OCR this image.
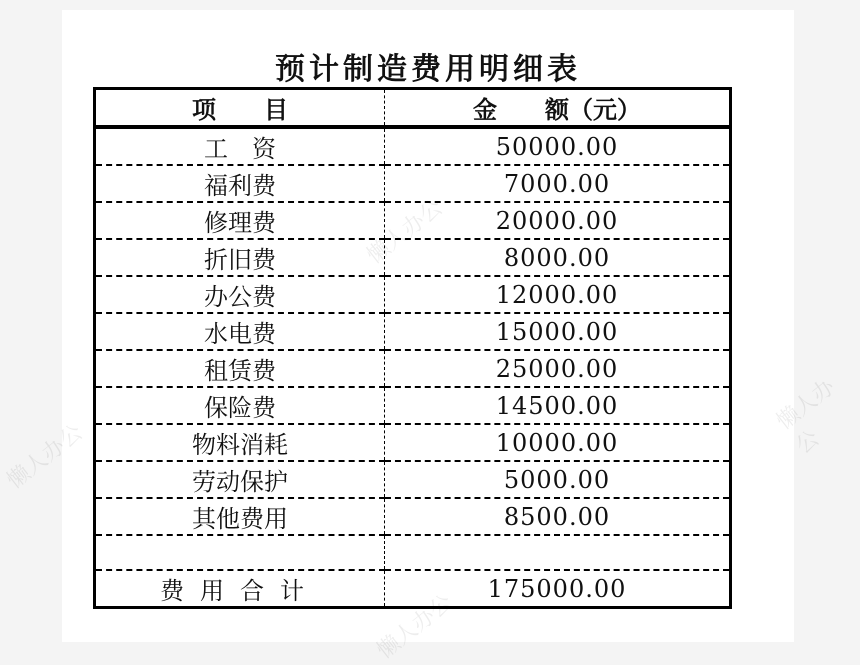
预计制造费用明细表
项　　目	金　　额（元）
工　资	50000.00
福利费	7000.00
修理费	20000.00
折旧费	8000.00
办公费	12000.00
水电费	15000.00
租赁费	25000.00
保险费	14500.00
物料消耗	10000.00
劳动保护	5000.00
其他费用	8500.00

费用合计	175000.00
懒人办公
懒人办公
